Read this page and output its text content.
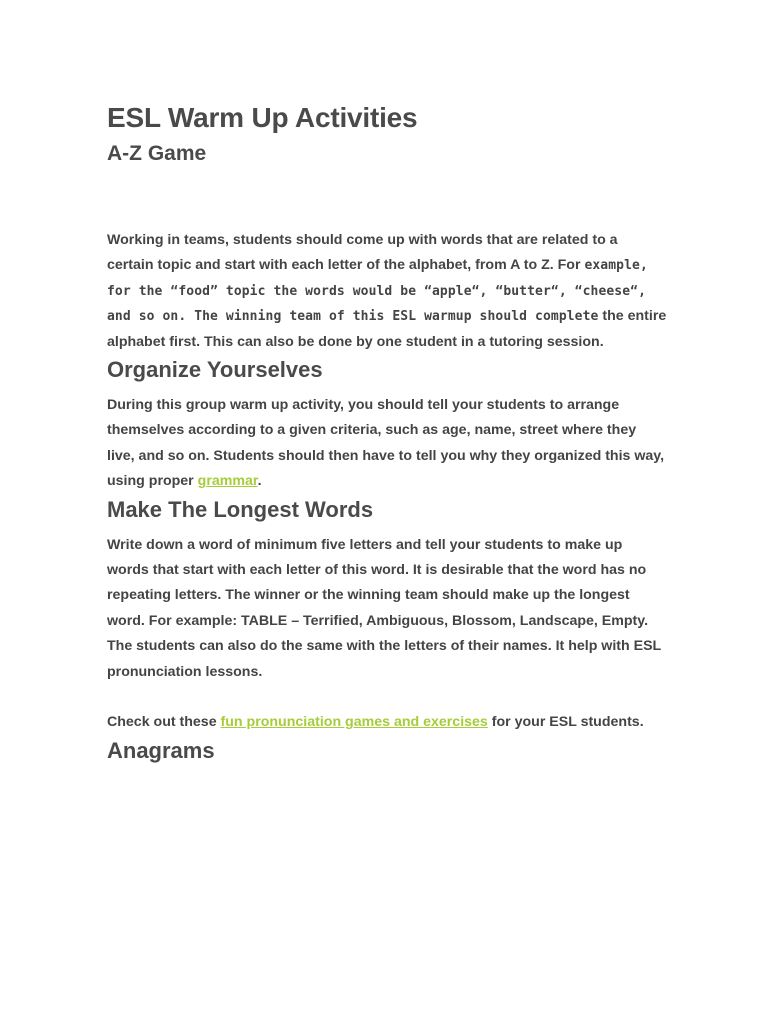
ESL Warm Up Activities
A-Z Game

Working in teams, students should come up with words that are related to a certain topic and start with each letter of the alphabet, from A to Z. For example, for the “food” topic the words would be “apple“, “butter“, “cheese“, and so on. The winning team of this ESL warmup should complete the entire alphabet first. This can also be done by one student in a tutoring session.

Organize Yourselves

During this group warm up activity, you should tell your students to arrange themselves according to a given criteria, such as age, name, street where they live, and so on. Students should then have to tell you why they organized this way, using proper grammar.

Make The Longest Words

Write down a word of minimum five letters and tell your students to make up words that start with each letter of this word. It is desirable that the word has no repeating letters. The winner or the winning team should make up the longest word. For example: TABLE – Terrified, Ambiguous, Blossom, Landscape, Empty. The students can also do the same with the letters of their names. It help with ESL pronunciation lessons.

Check out these fun pronunciation games and exercises for your ESL students.

Anagrams
